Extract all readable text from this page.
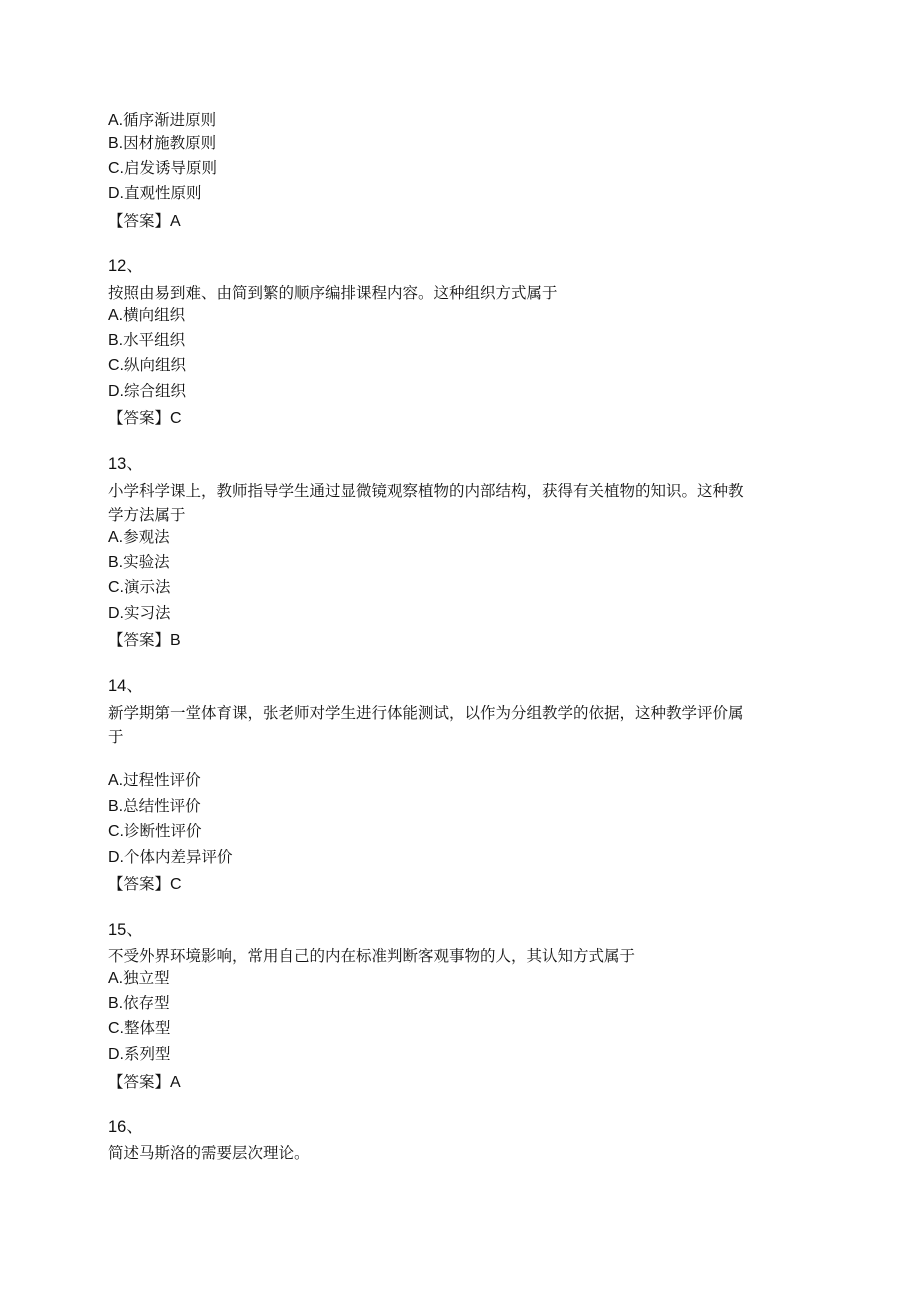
A.循序渐进原则
B.因材施教原则
C.启发诱导原则
D.直观性原则
【答案】A
12、
按照由易到难、由简到繁的顺序编排课程内容。这种组织方式属于
A.横向组织
B.水平组织
C.纵向组织
D.综合组织
【答案】C
13、
小学科学课上，教师指导学生通过显微镜观察植物的内部结构，获得有关植物的知识。这种教
学方法属于
A.参观法
B.实验法
C.演示法
D.实习法
【答案】B
14、
新学期第一堂体育课，张老师对学生进行体能测试，以作为分组教学的依据，这种教学评价属
于
A.过程性评价
B.总结性评价
C.诊断性评价
D.个体内差异评价
【答案】C
15、
不受外界环境影响，常用自己的内在标准判断客观事物的人，其认知方式属于
A.独立型
B.依存型
C.整体型
D.系列型
【答案】A
16、
简述马斯洛的需要层次理论。
